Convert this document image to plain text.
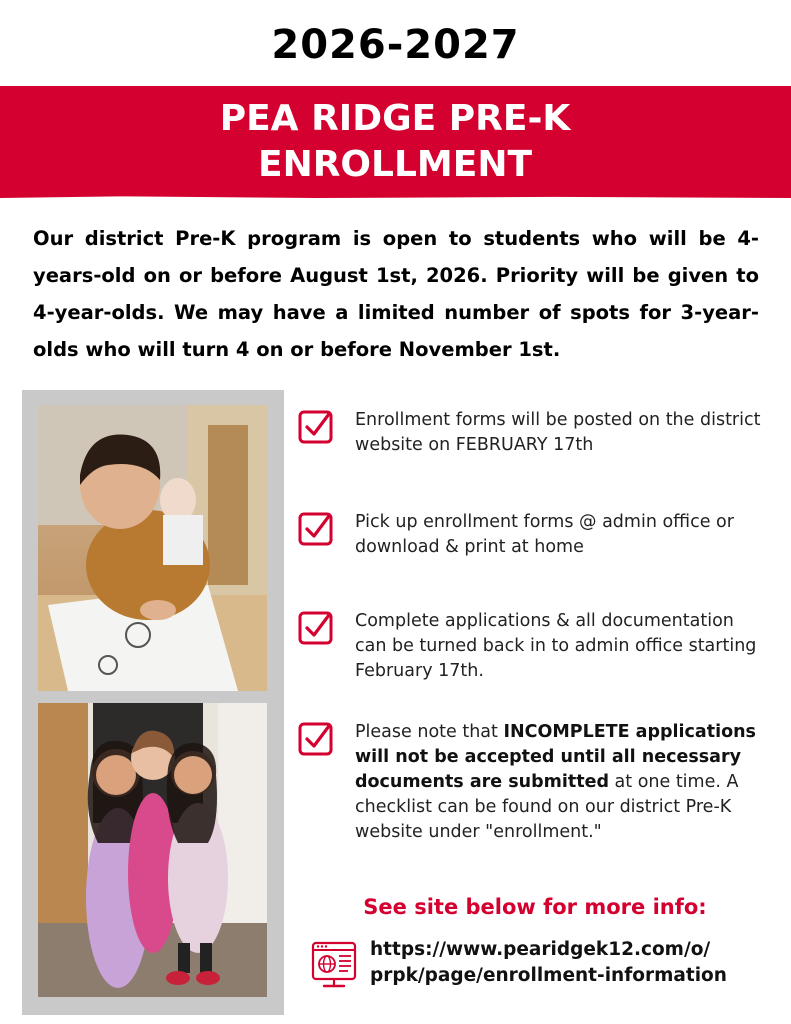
2026-2027
PEA RIDGE PRE-K
ENROLLMENT
Our district Pre-K program is open to students who will be 4-years-old on or before August 1st, 2026. Priority will be given to 4-year-olds. We may have a limited number of spots for 3-year-olds who will turn 4 on or before November 1st.
Enrollment forms will be posted on the district website on FEBRUARY 17th
Pick up enrollment forms @ admin office or download & print at home
Complete applications & all documentation can be turned back in to admin office starting February 17th.
Please note that INCOMPLETE applications will not be accepted until all necessary documents are submitted at one time. A checklist can be found on our district Pre-K website under "enrollment."
See site below for more info:
https://www.pearidgek12.com/o/
prpk/page/enrollment-information
